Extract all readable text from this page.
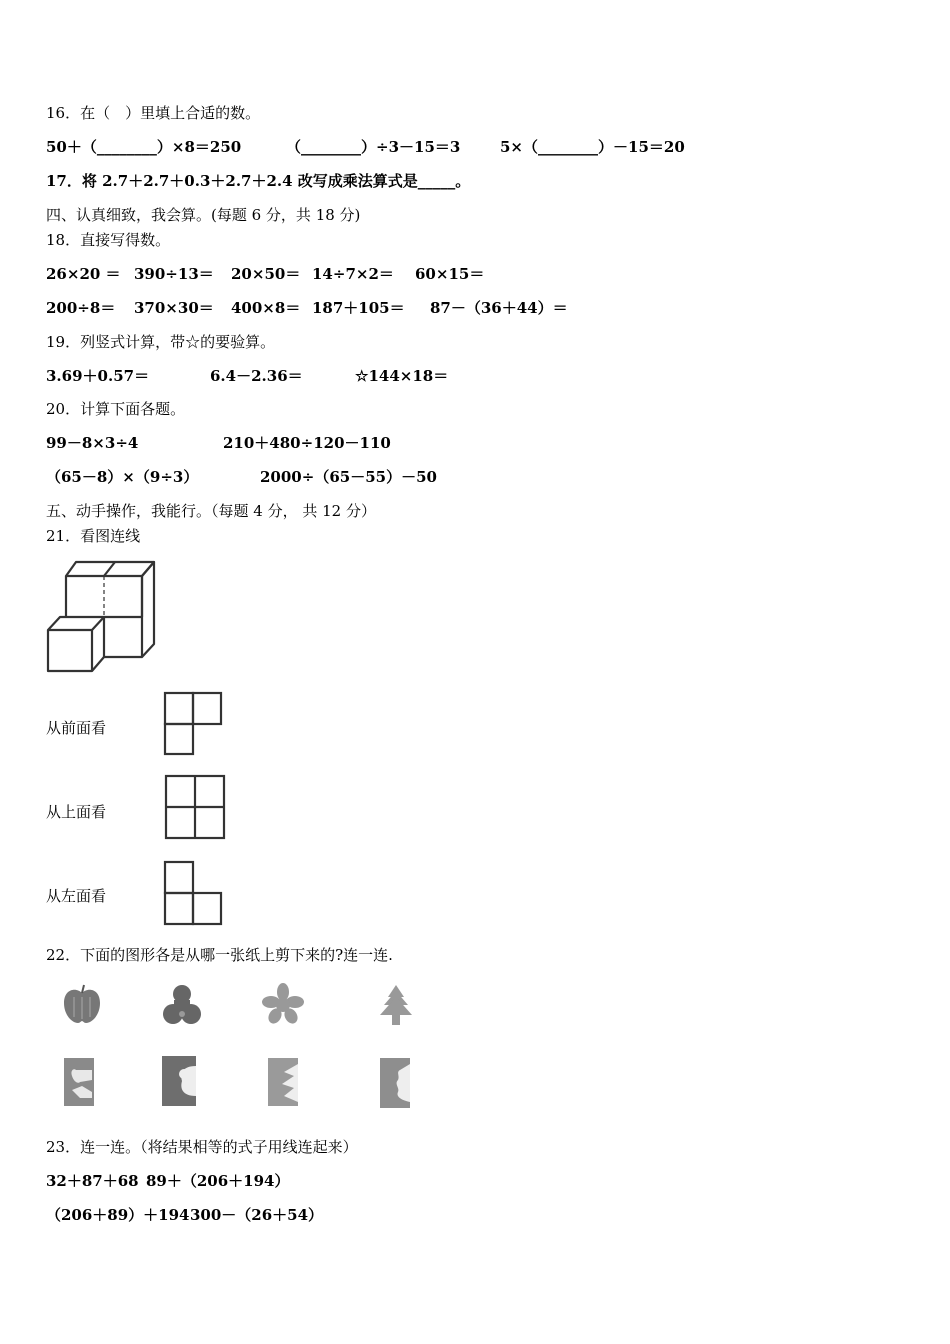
16．在（　）里填上合适的数。
50＋（________）×8＝250	（________）÷3－15＝3	5×（________）－15＝20
17．将 2.7＋2.7＋0.3＋2.7＋2.4 改写成乘法算式是_____。
四、认真细致，我会算。(每题 6 分，共 18 分)
18．直接写得数。
26×20 ＝ 390÷13＝ 20×50＝ 14÷7×2＝ 60×15＝
200÷8＝ 370×30＝ 400×8＝ 187＋105＝ 87－（36＋44）＝
19．列竖式计算，带☆的要验算。
3.69＋0.57＝	6.4－2.36＝	☆144×18＝
20．计算下面各题。
99－8×3÷4	210＋480÷120－110
（65－8）×（9÷3）	2000÷（65－55）－50
五、动手操作，我能行。（每题 4 分， 共 12 分）
21．看图连线
从前面看
从上面看
从左面看
22．下面的图形各是从哪一张纸上剪下来的?连一连.
23．连一连。（将结果相等的式子用线连起来）
32＋87＋68 89＋（206＋194）
（206＋89）＋194 300－（26＋54）
